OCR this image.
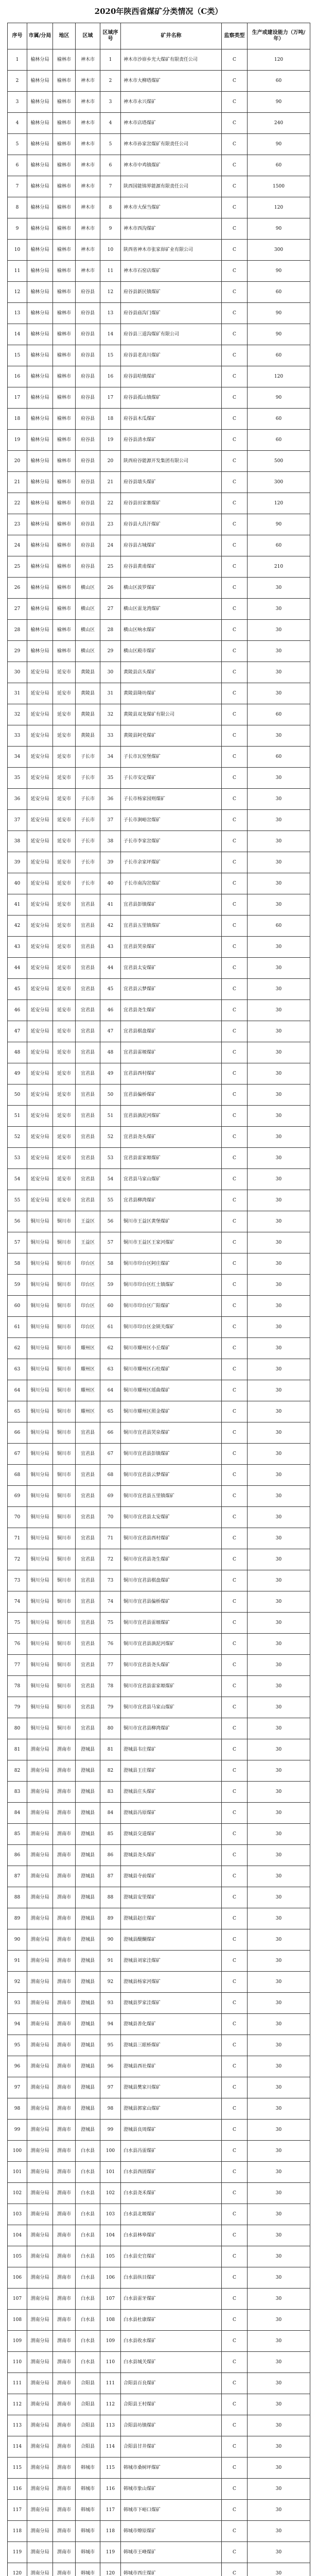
2020年陕西省煤矿分类情况（C类）
序号	市属/分局	地区	区域	区域序号	矿井名称	监察类型	生产或建设能力（万吨/年）
1	榆林分局	榆林市	神木市	1	神木市沙峁乡光大煤矿有限责任公司	C	120
2	榆林分局	榆林市	神木市	2	神木市大柳塔煤矿	C	60
3	榆林分局	榆林市	神木市	3	神木市永兴煤矿	C	90
4	榆林分局	榆林市	神木市	4	神木市店塔煤矿	C	240
5	榆林分局	榆林市	神木市	5	神木市孙家岔煤矿有限责任公司	C	90
6	榆林分局	榆林市	神木市	6	神木市中鸡镇煤矿	C	60
7	榆林分局	榆林市	神木市	7	陕西国能锦界能源有限责任公司	C	1500
8	榆林分局	榆林市	神木市	8	神木市大保当煤矿	C	120
9	榆林分局	榆林市	神木市	9	神木市西沟煤矿	C	90
10	榆林分局	榆林市	神木市	10	陕西省神木市张家峁矿业有限公司	C	300
11	榆林分局	榆林市	神木市	11	神木市石窑店煤矿	C	90
12	榆林分局	榆林市	府谷县	12	府谷县新民镇煤矿	C	60
13	榆林分局	榆林市	府谷县	13	府谷县庙沟门煤矿	C	90
14	榆林分局	榆林市	府谷县	14	府谷县三道沟煤矿有限公司	C	90
15	榆林分局	榆林市	府谷县	15	府谷县老高川煤矿	C	60
16	榆林分局	榆林市	府谷县	16	府谷县哈镇煤矿	C	120
17	榆林分局	榆林市	府谷县	17	府谷县孤山镇煤矿	C	90
18	榆林分局	榆林市	府谷县	18	府谷县木瓜煤矿	C	60
19	榆林分局	榆林市	府谷县	19	府谷县清水煤矿	C	60
20	榆林分局	榆林市	府谷县	20	陕西府谷能源开发集团有限公司	C	500
21	榆林分局	榆林市	府谷县	21	府谷县墙头煤矿	C	300
22	榆林分局	榆林市	府谷县	22	府谷县田家寨煤矿	C	120
23	榆林分局	榆林市	府谷县	23	府谷县大昌汗煤矿	C	90
24	榆林分局	榆林市	府谷县	24	府谷县古城煤矿	C	60
25	榆林分局	榆林市	府谷县	25	府谷县黄甫煤矿	C	210
26	榆林分局	榆林市	横山区	26	横山区波罗煤矿	C	30
27	榆林分局	榆林市	横山区	27	横山区雷龙湾煤矿	C	30
28	榆林分局	榆林市	横山区	28	横山区响水煤矿	C	30
29	榆林分局	榆林市	横山区	29	横山区殿市煤矿	C	30
30	延安分局	延安市	黄陵县	30	黄陵县店头煤矿	C	30
31	延安分局	延安市	黄陵县	31	黄陵县隆坊煤矿	C	30
32	延安分局	延安市	黄陵县	32	黄陵县双龙煤矿有限公司	C	60
33	延安分局	延安市	黄陵县	33	黄陵县阿党煤矿	C	30
34	延安分局	延安市	子长市	34	子长市瓦窑堡煤矿	C	60
35	延安分局	延安市	子长市	35	子长市安定煤矿	C	30
36	延安分局	延安市	子长市	36	子长市杨家园则煤矿	C	30
37	延安分局	延安市	子长市	37	子长市涧峪岔煤矿	C	30
38	延安分局	延安市	子长市	38	子长市李家岔煤矿	C	30
39	延安分局	延安市	子长市	39	子长市余家坪煤矿	C	30
40	延安分局	延安市	子长市	40	子长市南沟岔煤矿	C	30
41	延安分局	延安市	宜君县	41	宜君县彭镇煤矿	C	30
42	延安分局	延安市	宜君县	42	宜君县五里镇煤矿	C	60
43	延安分局	延安市	宜君县	43	宜君县哭泉煤矿	C	30
44	延安分局	延安市	宜君县	44	宜君县太安煤矿	C	30
45	延安分局	延安市	宜君县	45	宜君县云梦煤矿	C	30
46	延安分局	延安市	宜君县	46	宜君县尧生煤矿	C	30
47	延安分局	延安市	宜君县	47	宜君县棋盘煤矿	C	30
48	延安分局	延安市	宜君县	48	宜君县雷塬煤矿	C	30
49	延安分局	延安市	宜君县	49	宜君县西村煤矿	C	30
50	延安分局	延安市	宜君县	50	宜君县偏桥煤矿	C	30
51	延安分局	延安市	宜君县	51	宜君县淌泥河煤矿	C	30
52	延安分局	延安市	宜君县	52	宜君县尧头煤矿	C	30
53	延安分局	延安市	宜君县	53	宜君县雷家塬煤矿	C	30
54	延安分局	延安市	宜君县	54	宜君县马家山煤矿	C	30
55	延安分局	延安市	宜君县	55	宜君县柳湾煤矿	C	30
56	铜川分局	铜川市	王益区	56	铜川市王益区黄堡煤矿	C	30
57	铜川分局	铜川市	王益区	57	铜川市王益区王家河煤矿	C	30
58	铜川分局	铜川市	印台区	58	铜川市印台区阿庄煤矿	C	30
59	铜川分局	铜川市	印台区	59	铜川市印台区红土镇煤矿	C	30
60	铜川分局	铜川市	印台区	60	铜川市印台区广阳煤矿	C	30
61	铜川分局	铜川市	印台区	61	铜川市印台区金锁关煤矿	C	30
62	铜川分局	铜川市	耀州区	62	铜川市耀州区小丘煤矿	C	30
63	铜川分局	铜川市	耀州区	63	铜川市耀州区石柱煤矿	C	30
64	铜川分局	铜川市	耀州区	64	铜川市耀州区瑶曲煤矿	C	30
65	铜川分局	铜川市	耀州区	65	铜川市耀州区照金煤矿	C	30
66	铜川分局	铜川市	宜君县	66	铜川市宜君县哭泉煤矿	C	30
67	铜川分局	铜川市	宜君县	67	铜川市宜君县彭镇煤矿	C	30
68	铜川分局	铜川市	宜君县	68	铜川市宜君县云梦煤矿	C	30
69	铜川分局	铜川市	宜君县	69	铜川市宜君县五里镇煤矿	C	30
70	铜川分局	铜川市	宜君县	70	铜川市宜君县太安煤矿	C	30
71	铜川分局	铜川市	宜君县	71	铜川市宜君县西村煤矿	C	30
72	铜川分局	铜川市	宜君县	72	铜川市宜君县尧生煤矿	C	30
73	铜川分局	铜川市	宜君县	73	铜川市宜君县棋盘煤矿	C	30
74	铜川分局	铜川市	宜君县	74	铜川市宜君县偏桥煤矿	C	30
75	铜川分局	铜川市	宜君县	75	铜川市宜君县雷塬煤矿	C	30
76	铜川分局	铜川市	宜君县	76	铜川市宜君县淌泥河煤矿	C	30
77	铜川分局	铜川市	宜君县	77	铜川市宜君县尧头煤矿	C	30
78	铜川分局	铜川市	宜君县	78	铜川市宜君县雷家塬煤矿	C	30
79	铜川分局	铜川市	宜君县	79	铜川市宜君县马家山煤矿	C	30
80	铜川分局	铜川市	宜君县	80	铜川市宜君县柳湾煤矿	C	30
81	渭南分局	渭南市	澄城县	81	澄城县韦庄煤矿	C	30
82	渭南分局	渭南市	澄城县	82	澄城县王庄煤矿	C	30
83	渭南分局	渭南市	澄城县	83	澄城县庄头煤矿	C	30
84	渭南分局	渭南市	澄城县	84	澄城县冯原煤矿	C	30
85	渭南分局	渭南市	澄城县	85	澄城县交道煤矿	C	30
86	渭南分局	渭南市	澄城县	86	澄城县尧头煤矿	C	30
87	渭南分局	渭南市	澄城县	87	澄城县寺前煤矿	C	30
88	渭南分局	渭南市	澄城县	88	澄城县安里煤矿	C	30
89	渭南分局	渭南市	澄城县	89	澄城县赵庄煤矿	C	30
90	渭南分局	渭南市	澄城县	90	澄城县醍醐煤矿	C	30
91	渭南分局	渭南市	澄城县	91	澄城县刘家洼煤矿	C	30
92	渭南分局	渭南市	澄城县	92	澄城县杨家河煤矿	C	30
93	渭南分局	渭南市	澄城县	93	澄城县罗家洼煤矿	C	30
94	渭南分局	渭南市	澄城县	94	澄城县善化煤矿	C	30
95	渭南分局	渭南市	澄城县	95	澄城县三眼桥煤矿	C	30
96	渭南分局	渭南市	澄城县	96	澄城县西社煤矿	C	30
97	渭南分局	渭南市	澄城县	97	澄城县樊家川煤矿	C	30
98	渭南分局	渭南市	澄城县	98	澄城县郭家山煤矿	C	30
99	渭南分局	渭南市	澄城县	99	澄城县良周煤矿	C	30
100	渭南分局	渭南市	白水县	100	白水县冯雷煤矿	C	30
101	渭南分局	渭南市	白水县	101	白水县西固煤矿	C	30
102	渭南分局	渭南市	白水县	102	白水县尧禾煤矿	C	30
103	渭南分局	渭南市	白水县	103	白水县北塬煤矿	C	30
104	渭南分局	渭南市	白水县	104	白水县林皋煤矿	C	30
105	渭南分局	渭南市	白水县	105	白水县史官煤矿	C	30
106	渭南分局	渭南市	白水县	106	白水县纵目煤矿	C	30
107	渭南分局	渭南市	白水县	107	白水县雷牙煤矿	C	30
108	渭南分局	渭南市	白水县	108	白水县杜康煤矿	C	30
109	渭南分局	渭南市	白水县	109	白水县收水煤矿	C	30
110	渭南分局	渭南市	白水县	110	白水县城关煤矿	C	30
111	渭南分局	渭南市	合阳县	111	合阳县百良煤矿	C	30
112	渭南分局	渭南市	合阳县	112	合阳县王村煤矿	C	30
113	渭南分局	渭南市	合阳县	113	合阳县坊镇煤矿	C	30
114	渭南分局	渭南市	合阳县	114	合阳县甘井煤矿	C	30
115	渭南分局	渭南市	韩城市	115	韩城市桑树坪煤矿	C	30
116	渭南分局	渭南市	韩城市	116	韩城市象山煤矿	C	30
117	渭南分局	渭南市	韩城市	117	韩城市下峪口煤矿	C	30
118	渭南分局	渭南市	韩城市	118	韩城市燎原煤矿	C	30
119	渭南分局	渭南市	韩城市	119	韩城市王峰煤矿	C	30
120	渭南分局	渭南市	韩城市	120	韩城市西庄煤矿	C	30
